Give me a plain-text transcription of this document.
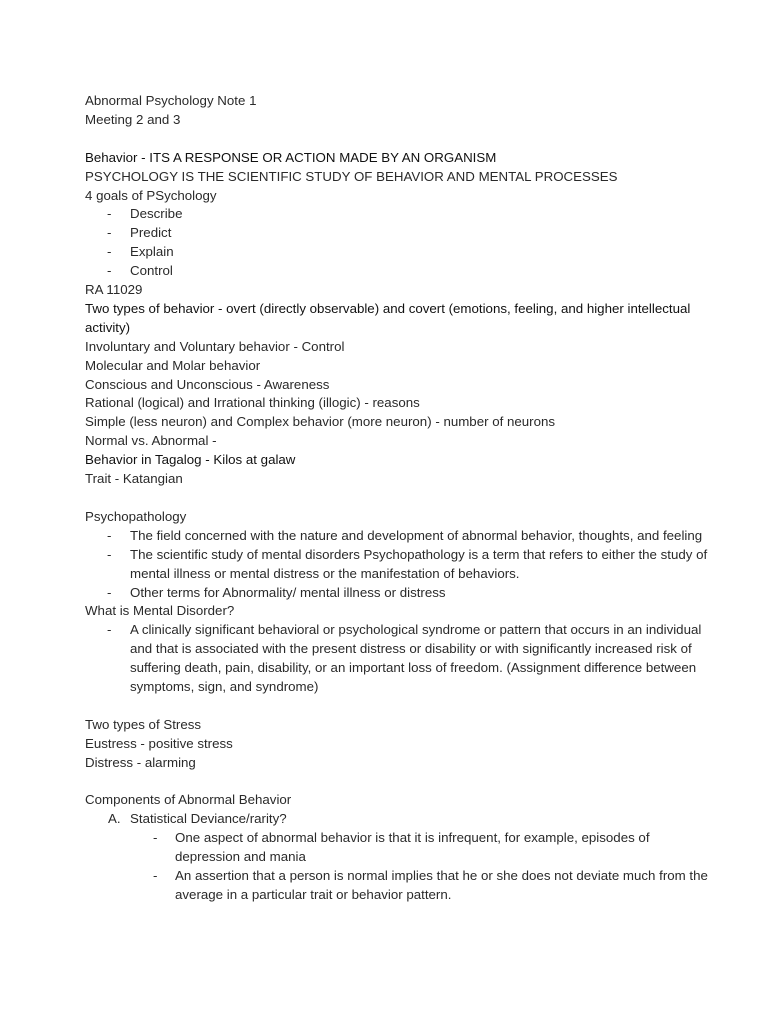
Abnormal Psychology Note 1
Meeting 2 and 3
Behavior - ITS A RESPONSE OR ACTION MADE BY AN ORGANISM
PSYCHOLOGY IS THE SCIENTIFIC STUDY OF BEHAVIOR AND MENTAL PROCESSES
4 goals of PSychology
- Describe
- Predict
- Explain
- Control
RA 11029
Two types of behavior - overt (directly observable) and covert (emotions, feeling, and higher intellectual activity)
Involuntary and Voluntary behavior - Control
Molecular and Molar behavior
Conscious and Unconscious - Awareness
Rational (logical) and Irrational thinking (illogic) - reasons
Simple (less neuron) and Complex behavior (more neuron) - number of neurons
Normal vs. Abnormal -
Behavior in Tagalog - Kilos at galaw
Trait - Katangian
Psychopathology
- The field concerned with the nature and development of abnormal behavior, thoughts, and feeling
- The scientific study of mental disorders Psychopathology is a term that refers to either the study of mental illness or mental distress or the manifestation of behaviors.
- Other terms for Abnormality/ mental illness or distress
What is Mental Disorder?
- A clinically significant behavioral or psychological syndrome or pattern that occurs in an individual and that is associated with the present distress or disability or with significantly increased risk of suffering death, pain, disability, or an important loss of freedom. (Assignment difference between symptoms, sign, and syndrome)
Two types of Stress
Eustress - positive stress
Distress - alarming
Components of Abnormal Behavior
A. Statistical Deviance/rarity?
- One aspect of abnormal behavior is that it is infrequent, for example, episodes of depression and mania
- An assertion that a person is normal implies that he or she does not deviate much from the average in a particular trait or behavior pattern.
